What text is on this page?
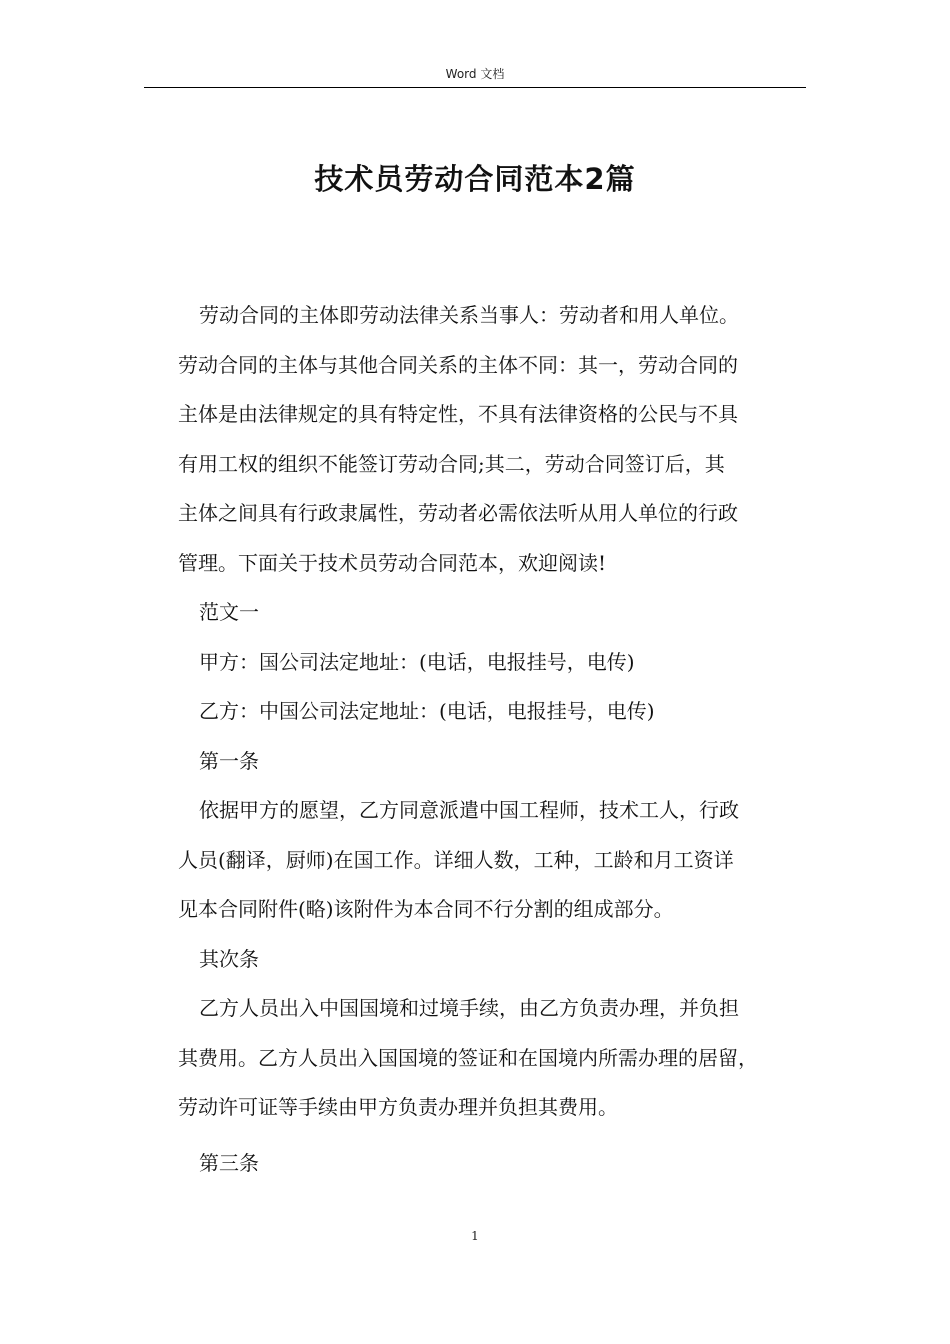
Word 文档
技术员劳动合同范本2篇
劳动合同的主体即劳动法律关系当事人：劳动者和用人单位。
劳动合同的主体与其他合同关系的主体不同：其一，劳动合同的
主体是由法律规定的具有特定性，不具有法律资格的公民与不具
有用工权的组织不能签订劳动合同;其二，劳动合同签订后，其
主体之间具有行政隶属性，劳动者必需依法听从用人单位的行政
管理。下面关于技术员劳动合同范本，欢迎阅读!
范文一
甲方：国公司法定地址：(电话，电报挂号，电传)
乙方：中国公司法定地址：(电话，电报挂号，电传)
第一条
依据甲方的愿望，乙方同意派遣中国工程师，技术工人，行政
人员(翻译，厨师)在国工作。详细人数，工种，工龄和月工资详
见本合同附件(略)该附件为本合同不行分割的组成部分。
其次条
乙方人员出入中国国境和过境手续，由乙方负责办理，并负担
其费用。乙方人员出入国国境的签证和在国境内所需办理的居留，
劳动许可证等手续由甲方负责办理并负担其费用。
第三条
1
